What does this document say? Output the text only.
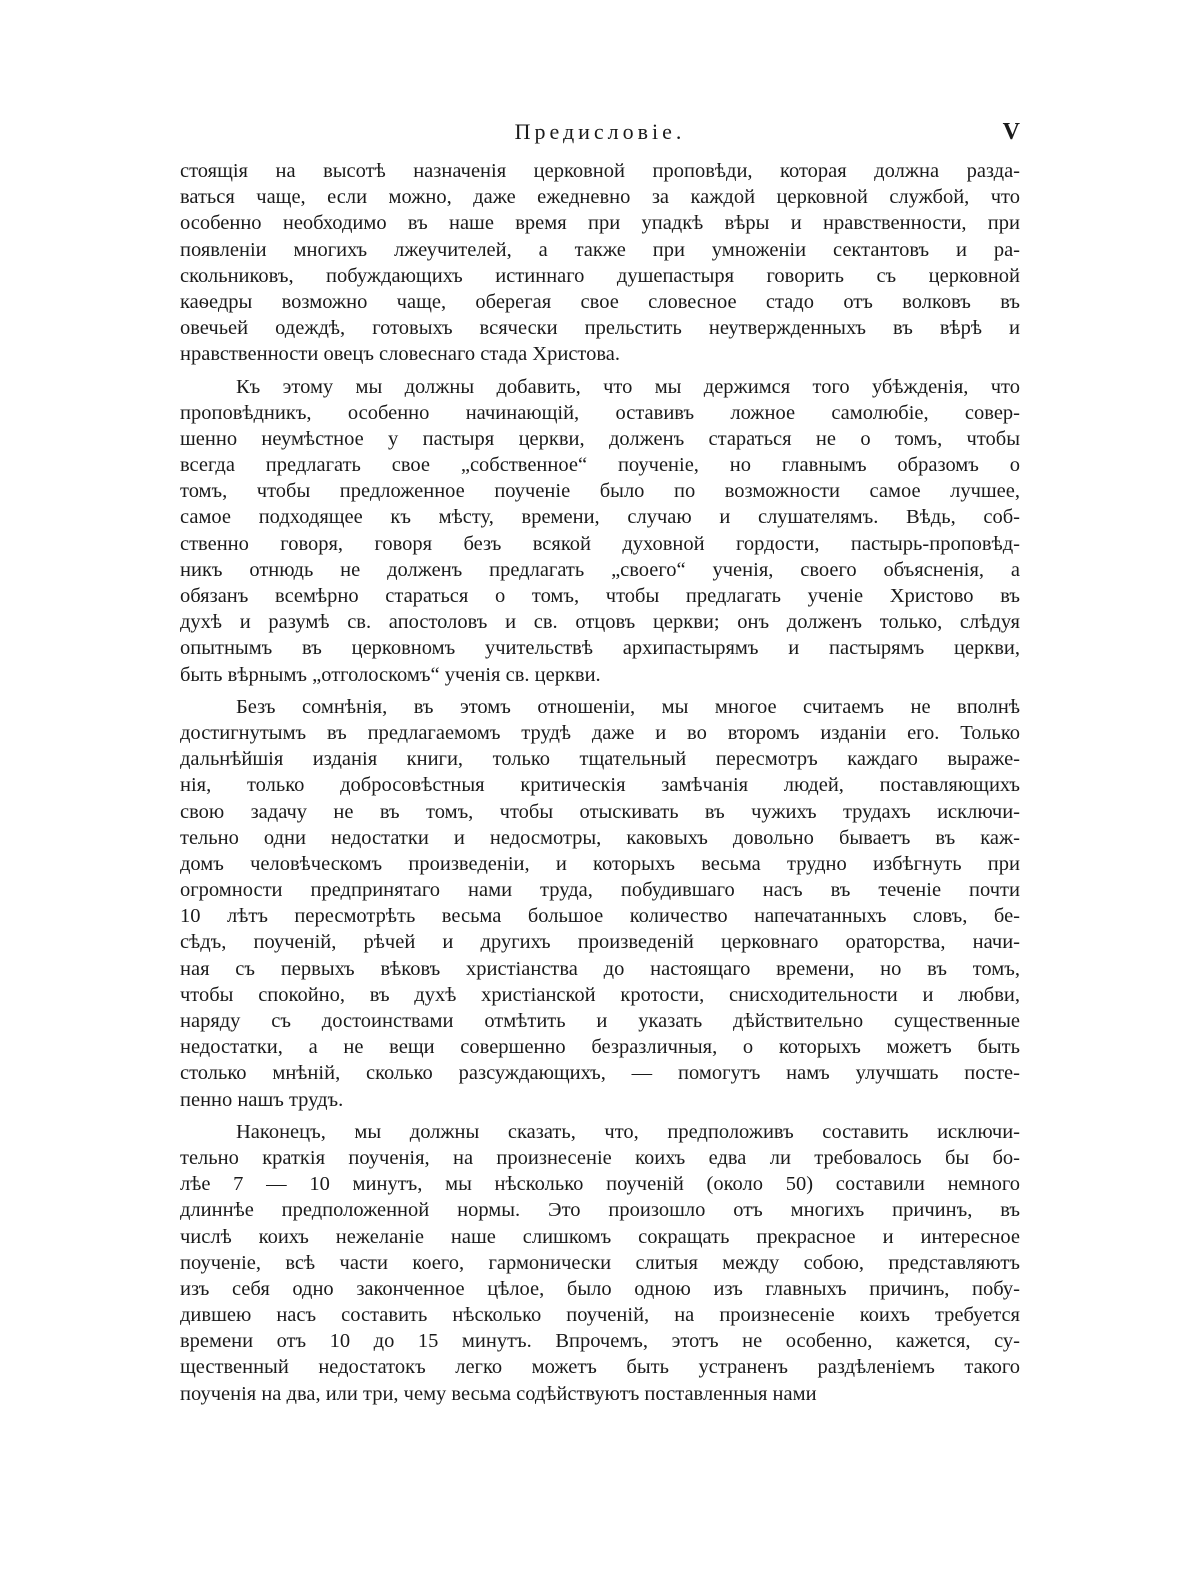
Предисловіе.	V
стоящія на высотѣ назначенія церковной проповѣди, которая должна разда-
ваться чаще, если можно, даже ежедневно за каждой церковной службой, что
особенно необходимо въ наше время при упадкѣ вѣры и нравственности, при
появленіи многихъ лжеучителей, а также при умноженіи сектантовъ и ра-
скольниковъ, побуждающихъ истиннаго душепастыря говорить съ церковной
каѳедры возможно чаще, оберегая свое словесное стадо отъ волковъ въ
овечьей одеждѣ, готовыхъ всячески прельстить неутвержденныхъ въ вѣрѣ и
нравственности овецъ словеснаго стада Христова.
Къ этому мы должны добавить, что мы держимся того убѣжденія, что
проповѣдникъ, особенно начинающій, оставивъ ложное самолюбіе, совер-
шенно неумѣстное у пастыря церкви, долженъ стараться не о томъ, чтобы
всегда предлагать свое „собственное“ поученіе, но главнымъ образомъ о
томъ, чтобы предложенное поученіе было по возможности самое лучшее,
самое подходящее къ мѣсту, времени, случаю и слушателямъ. Вѣдь, соб-
ственно говоря, говоря безъ всякой духовной гордости, пастырь-проповѣд-
никъ отнюдь не долженъ предлагать „своего“ ученія, своего объясненія, а
обязанъ всемѣрно стараться о томъ, чтобы предлагать ученіе Христово въ
духѣ и разумѣ св. апостоловъ и св. отцовъ церкви; онъ долженъ только, слѣдуя
опытнымъ въ церковномъ учительствѣ архипастырямъ и пастырямъ церкви,
быть вѣрнымъ „отголоскомъ“ ученія св. церкви.
Безъ сомнѣнія, въ этомъ отношеніи, мы многое считаемъ не вполнѣ
достигнутымъ въ предлагаемомъ трудѣ даже и во второмъ изданіи его. Только
дальнѣйшія изданія книги, только тщательный пересмотръ каждаго выраже-
нія, только добросовѣстныя критическія замѣчанія людей, поставляющихъ
свою задачу не въ томъ, чтобы отыскивать въ чужихъ трудахъ исключи-
тельно одни недостатки и недосмотры, каковыхъ довольно бываетъ въ каж-
домъ человѣческомъ произведеніи, и которыхъ весьма трудно избѣгнуть при
огромности предпринятаго нами труда, побудившаго насъ въ теченіе почти
10 лѣтъ пересмотрѣть весьма большое количество напечатанныхъ словъ, бе-
сѣдъ, поученій, рѣчей и другихъ произведеній церковнаго ораторства, начи-
ная съ первыхъ вѣковъ христіанства до настоящаго времени, но въ томъ,
чтобы спокойно, въ духѣ христіанской кротости, снисходительности и любви,
наряду съ достоинствами отмѣтить и указать дѣйствительно существенные
недостатки, а не вещи совершенно безразличныя, о которыхъ можетъ быть
столько мнѣній, сколько разсуждающихъ, — помогутъ намъ улучшать посте-
пенно нашъ трудъ.
Наконецъ, мы должны сказать, что, предположивъ составить исключи-
тельно краткія поученія, на произнесеніе коихъ едва ли требовалось бы бо-
лѣе 7 — 10 минутъ, мы нѣсколько поученій (около 50) составили немного
длиннѣе предположенной нормы. Это произошло отъ многихъ причинъ, въ
числѣ коихъ нежеланіе наше слишкомъ сокращать прекрасное и интересное
поученіе, всѣ части коего, гармонически слитыя между собою, представляютъ
изъ себя одно законченное цѣлое, было одною изъ главныхъ причинъ, побу-
дившею насъ составить нѣсколько поученій, на произнесеніе коихъ требуется
времени отъ 10 до 15 минутъ. Впрочемъ, этотъ не особенно, кажется, су-
щественный недостатокъ легко можетъ быть устраненъ раздѣленіемъ такого
поученія на два, или три, чему весьма содѣйствуютъ поставленныя нами
